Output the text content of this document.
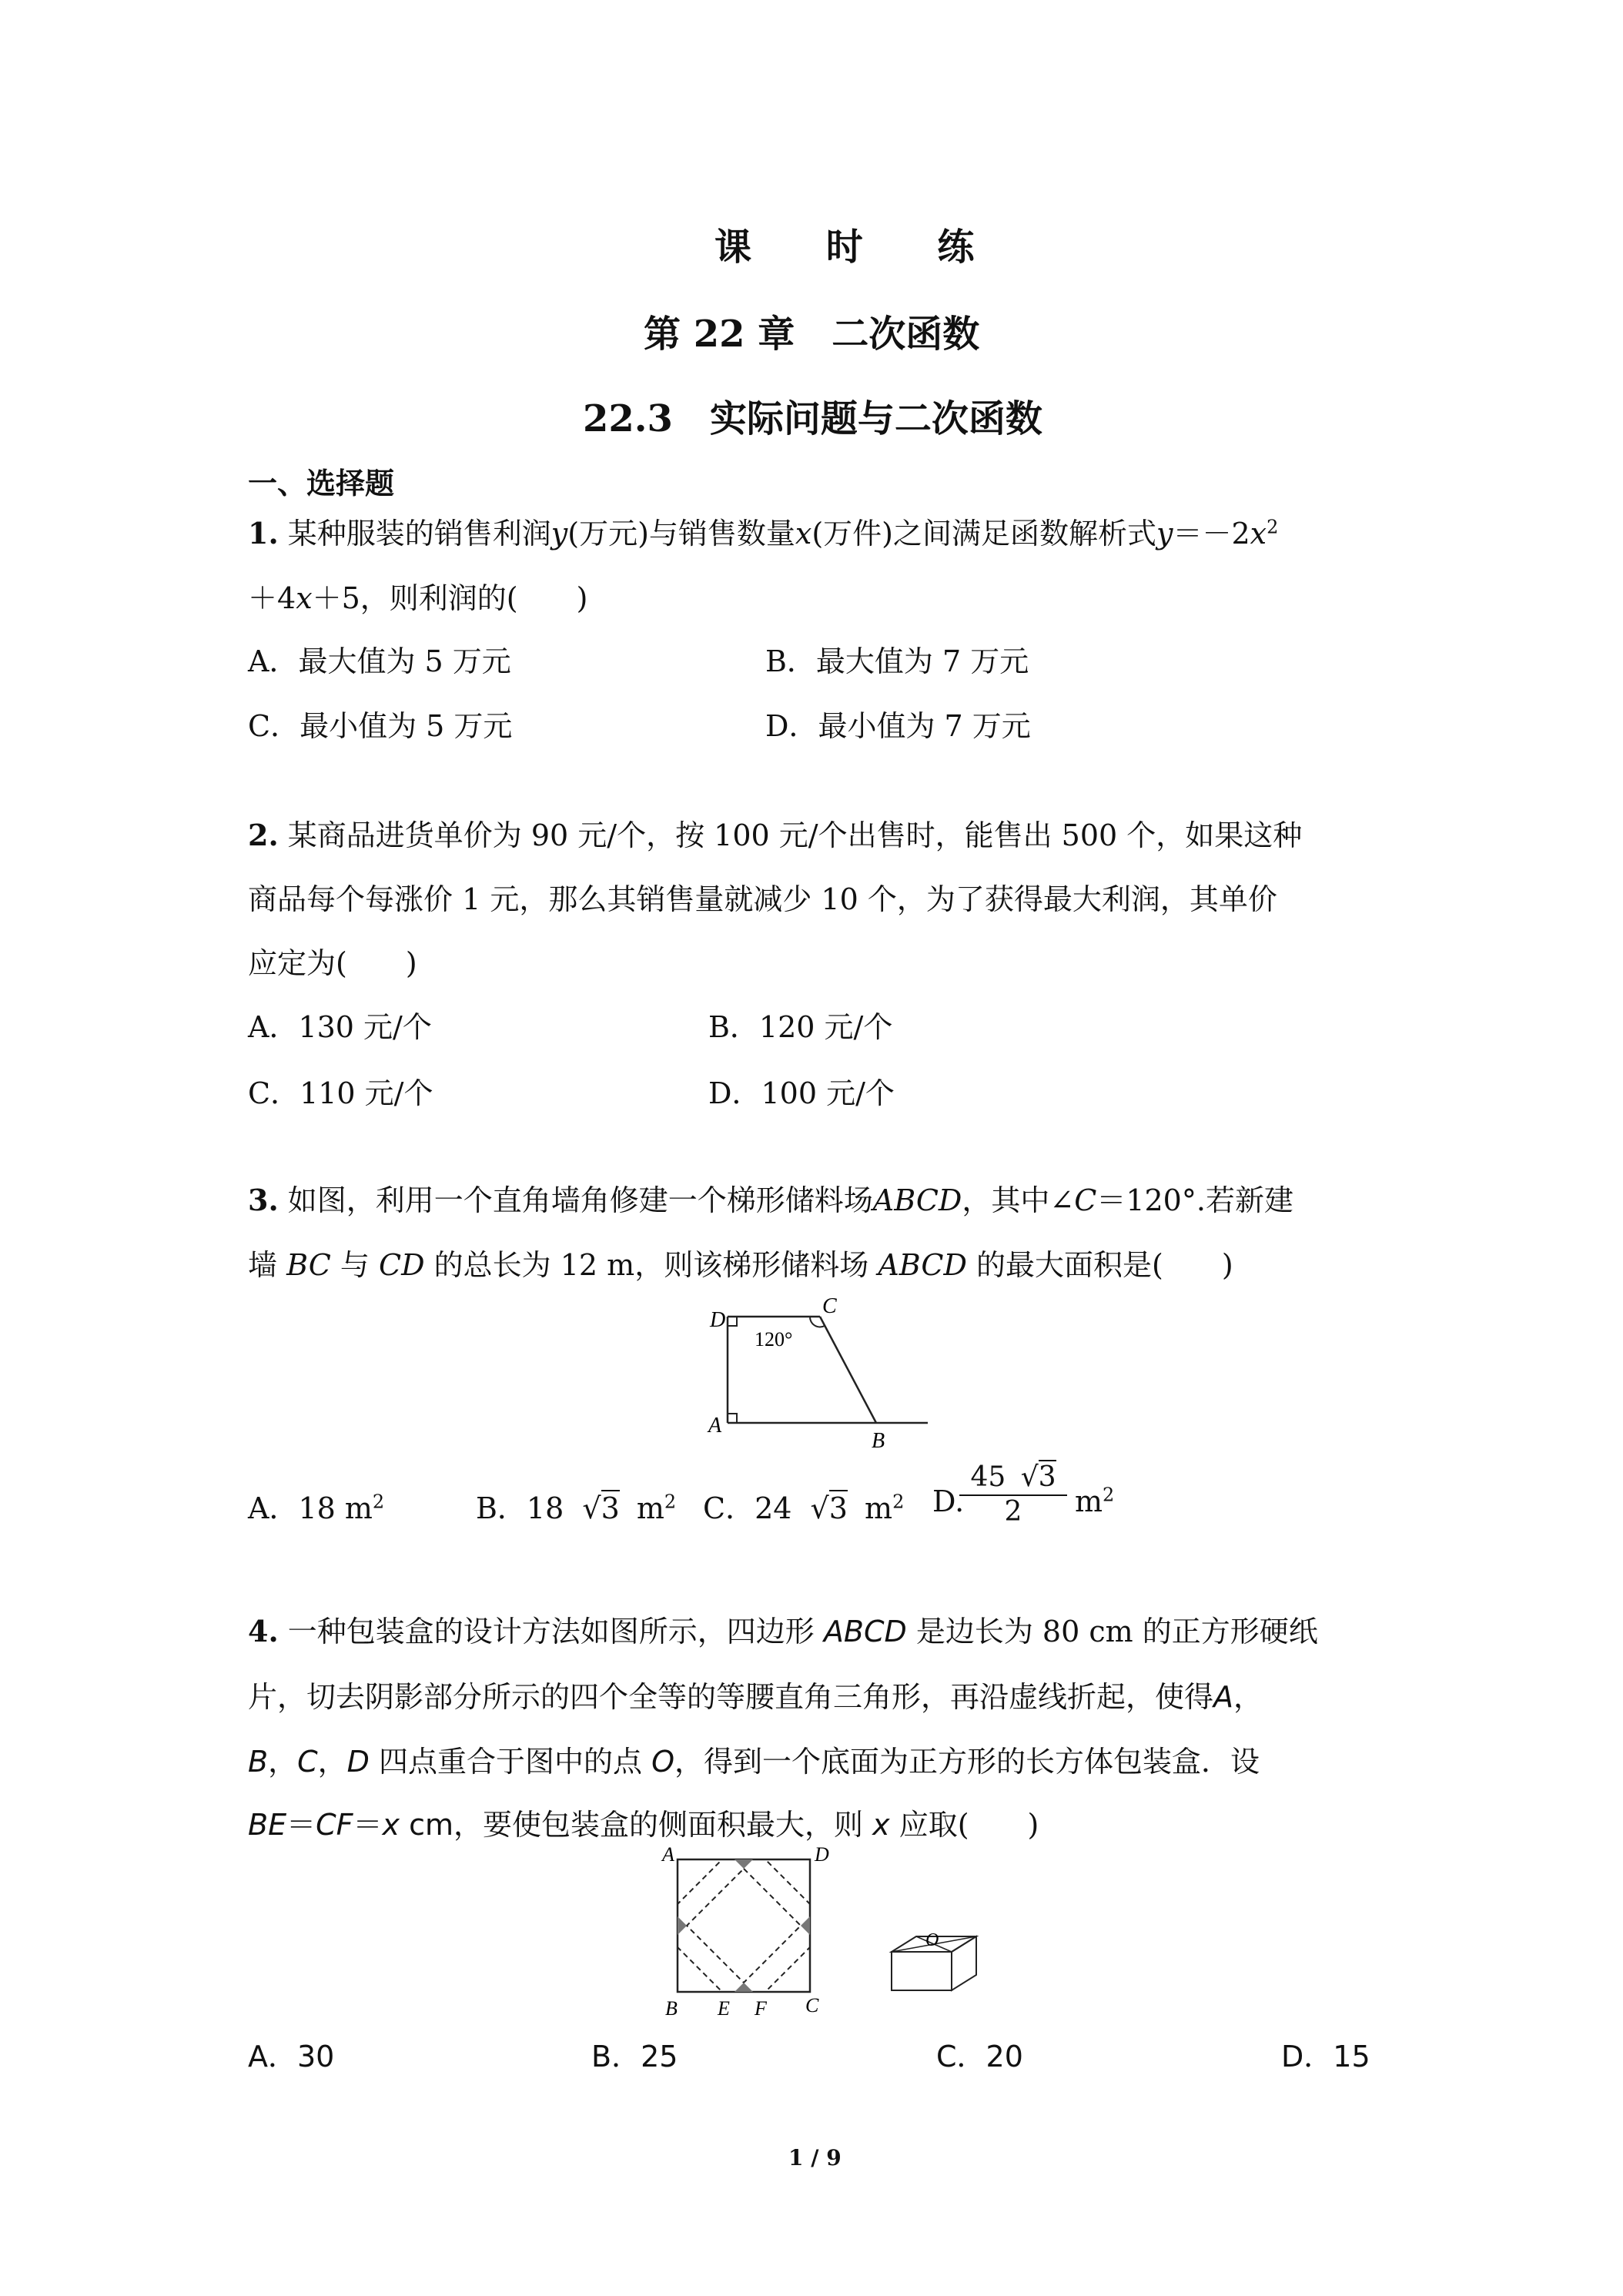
课 时 练
第 22 章　二次函数
22.3　实际问题与二次函数
一、选择题
1. 某种服装的销售利润y(万元)与销售数量x(万件)之间满足函数解析式$y=-2x^2$
＋4x＋5，则利润的(　　)
A．最大值为 5 万元	B．最大值为 7 万元
C．最小值为 5 万元	D．最小值为 7 万元
2. 某商品进货单价为 90 元/个，按 100 元/个出售时，能售出 500 个，如果这种
商品每个每涨价 1 元，那么其销售量就减少 10 个，为了获得最大利润，其单价
应定为(　　)
A．130 元/个	B．120 元/个
C．110 元/个	D．100 元/个
3. 如图，利用一个直角墙角修建一个梯形储料场ABCD，其中∠C＝120°.若新建
墙 BC 与 CD 的总长为 12 m，则该梯形储料场 ABCD 的最大面积是(　　)
D
C
A
B
120°
A．18 $m^2$	B．18 √3 $m^2$ C．24 √3 $m^2$ D.
$\frac{45 √3}{2} m^2$
4. 一种包装盒的设计方法如图所示，四边形 ABCD 是边长为 80 cm 的正方形硬纸
片，切去阴影部分所示的四个全等的等腰直角三角形，再沿虚线折起，使得A，
B，C，D 四点重合于图中的点 O，得到一个底面为正方形的长方体包装盒．设
BE＝CF＝x cm，要使包装盒的侧面积最大，则 x 应取(　　)
A	D
B E F C
O
A．30	B．25	C．20	D．15
1 / 9
